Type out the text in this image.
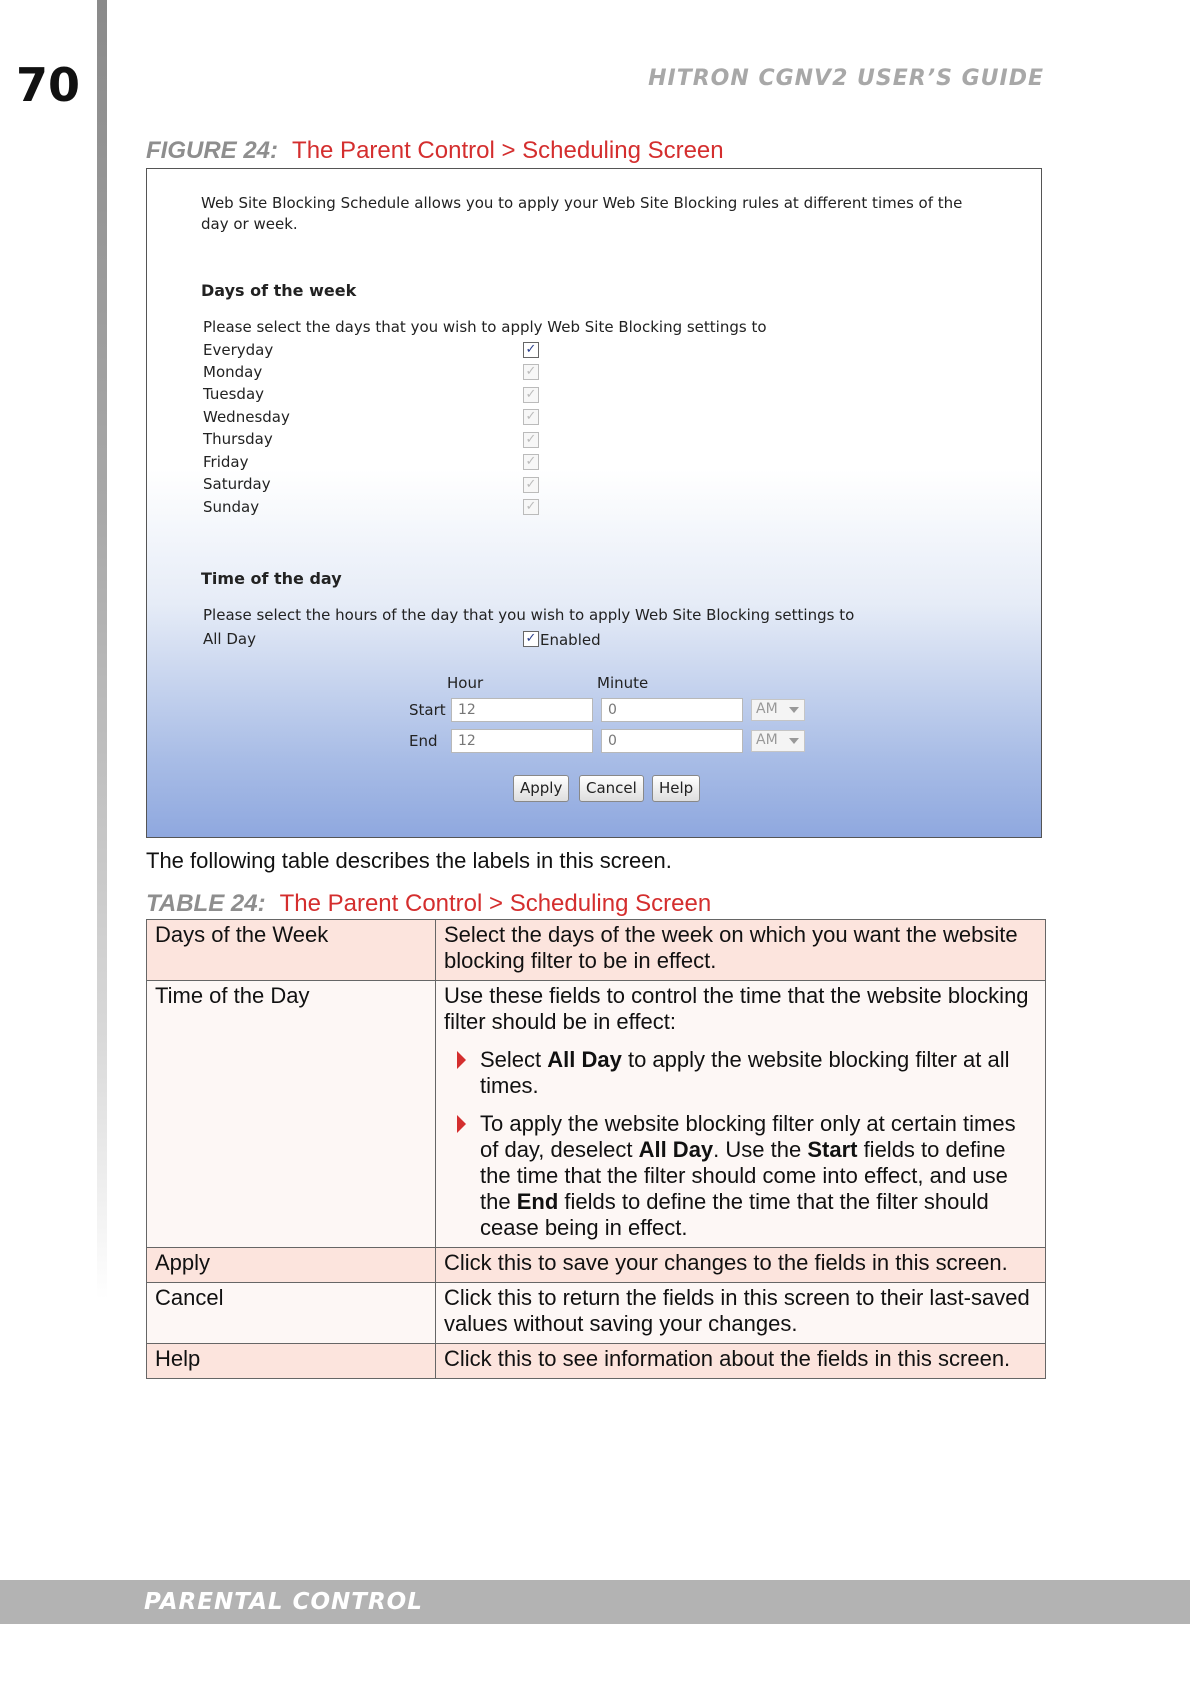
70	HITRON CGNV2 USER’S GUIDE
FIGURE 24: The Parent Control > Scheduling Screen
Web Site Blocking Schedule allows you to apply your Web Site Blocking rules at different times of the day or week.
Days of the week
Please select the days that you wish to apply Web Site Blocking settings to
Everyday	✓
Monday	✓
Tuesday	✓
Wednesday	✓
Thursday	✓
Friday	✓
Saturday	✓
Sunday	✓
Time of the day
Please select the hours of the day that you wish to apply Web Site Blocking settings to
All Day	✓ Enabled
Hour	Minute
Start 12	0	AM
End	12	0	AM
Apply	Cancel	Help
The following table describes the labels in this screen.
TABLE 24: The Parent Control > Scheduling Screen
Days of the Week	Select the days of the week on which you want the website blocking filter to be in effect.
Time of the Day	Use these fields to control the time that the website blocking filter should be in effect:
Select All Day to apply the website blocking filter at all times.
To apply the website blocking filter only at certain times of day, deselect All Day. Use the Start fields to define the time that the filter should come into effect, and use the End fields to define the time that the filter should cease being in effect.

Apply	Click this to save your changes to the fields in this screen.
Cancel	Click this to return the fields in this screen to their last-saved values without saving your changes.
Help	Click this to see information about the fields in this screen.
PARENTAL CONTROL
